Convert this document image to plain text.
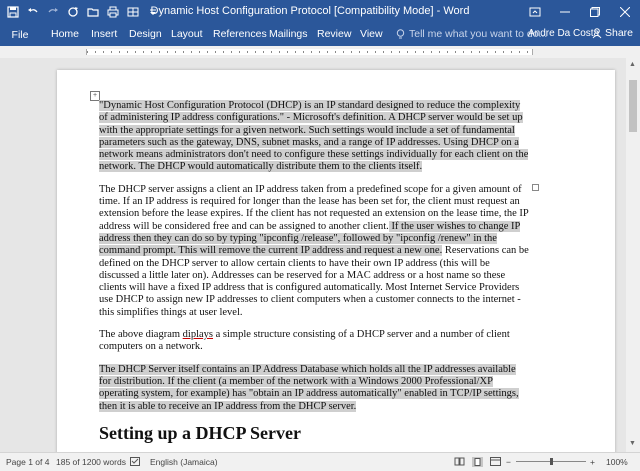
Dynamic Host Configuration Protocol [Compatibility Mode] - Word
File	Home Insert Design Layout References Mailings Review View	Tell me what you want to do...
Andre Da Costa Share
+

"Dynamic Host Configuration Protocol (DHCP) is an IP standard designed to reduce the complexity of administering IP address configurations." - Microsoft's definition. A DHCP server would be set up with the appropriate settings for a given network. Such settings would include a set of fundamental parameters such as the gateway, DNS, subnet masks, and a range of IP addresses. Using DHCP on a network means administrators don't need to configure these settings individually for each client on the network. The DHCP would automatically distribute them to the clients itself.

The DHCP server assigns a client an IP address taken from a predefined scope for a given amount of time. If an IP address is required for longer than the lease has been set for, the client must request an extension before the lease expires. If the client has not requested an extension on the lease time, the IP address will be considered free and can be assigned to another client. If the user wishes to change IP address then they can do so by typing "ipconfig /release", followed by "ipconfig /renew" in the command prompt. This will remove the current IP address and request a new one. Reservations can be defined on the DHCP server to allow certain clients to have their own IP address (this will be discussed a little later on). Addresses can be reserved for a MAC address or a host name so these clients will have a fixed IP address that is configured automatically. Most Internet Service Providers use DHCP to assign new IP addresses to client computers when a customer connects to the internet - this simplifies things at user level.

The above diagram diplays a simple structure consisting of a DHCP server and a number of client computers on a network.

The DHCP Server itself contains an IP Address Database which holds all the IP addresses available for distribution. If the client (a member of the network with a Windows 2000 Professional/XP operating system, for example) has "obtain an IP address automatically" enabled in TCP/IP settings, then it is able to receive an IP address from the DHCP server.

Setting up a DHCP Server

▲
▼
Page 1 of 4 185 of 1200 words	English (Jamaica)	−	+ 100%
